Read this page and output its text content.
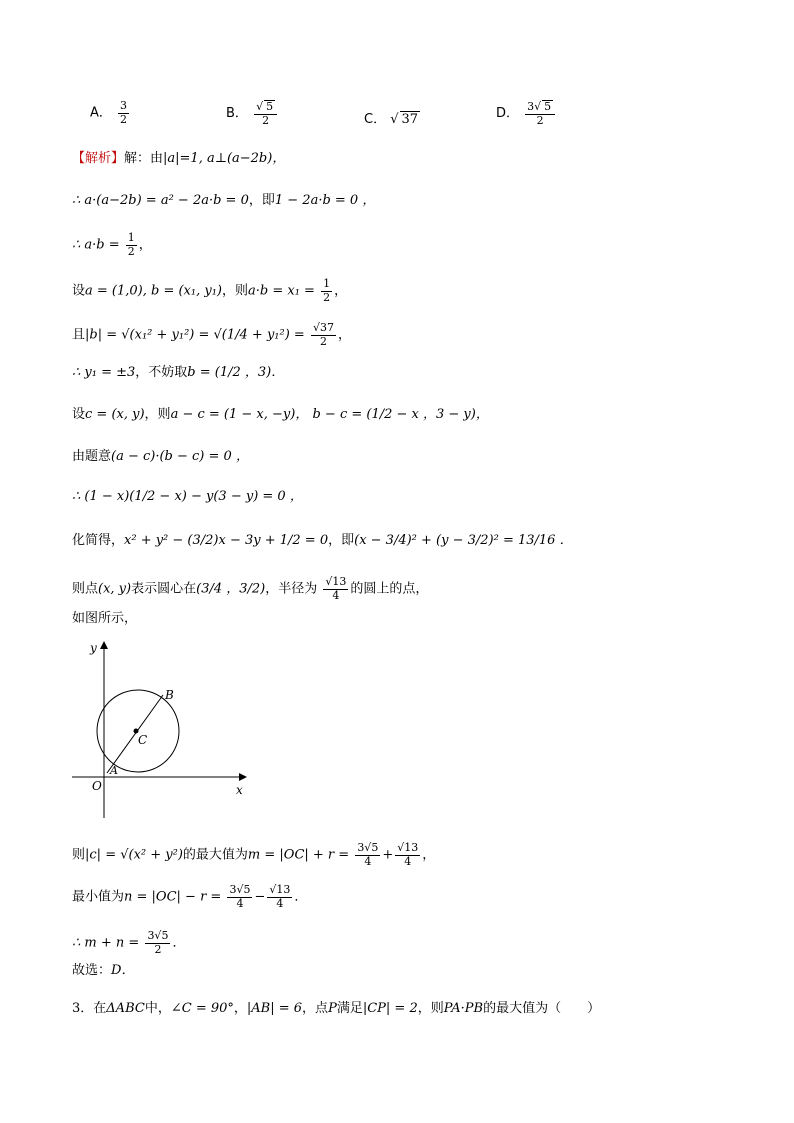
A． $\frac{3}{2}$	B． √ $\frac{5}{2}$	C． √ 37	D． $\frac{3 √ 5}{2}$
【解析】解：由|a|=1, a⊥(a−2b)，
∴ a·(a−2b) = a² − 2a·b = 0，即1 − 2a·b = 0 ，
∴ $a\cdot b = \frac{1}{2}$ ，
设a = (1,0), b = (x₁, y₁)，则$a\cdot b = x_1 = \frac{1}{2}$ ，
且$|b| = √(x_1^2 + y_1^2) = √(1/4 + y_1^2) = \frac{√37}{2}$ ，
∴ y₁ = ±3，不妨取b = (1/2 ，3)．
设c = (x, y)，则a − c = (1 − x, −y)， b − c = (1/2 − x ，3 − y)，
由题意(a − c)·(b − c) = 0 ，
∴ (1 − x)(1/2 − x) − y(3 − y) = 0 ，
化简得，x² + y² − (3/2)x − 3y + 1/2 = 0，即(x − 3/4)² + (y − 3/2)² = 13/16 ．
则点(x, y)表示圆心在(3/4 ，3/2)，半径为 $\frac{√13}{4}$ 的圆上的点，
如图所示，
y
x
O
C
A
B
则|c| = √(x² + y²)的最大值为$m = |OC| + r = \frac{3√5}{4} + \frac{√13}{4}$ ，
最小值为$n = |OC| - r = \frac{3√5}{4} - \frac{√13}{4}$ ．
∴ $m + n = \frac{3√5}{2}$ ．
故选：D．
3．在ΔABC中，∠C = 90°，|AB| = 6，点P满足|CP| = 2，则PA·PB的最大值为（　　）
